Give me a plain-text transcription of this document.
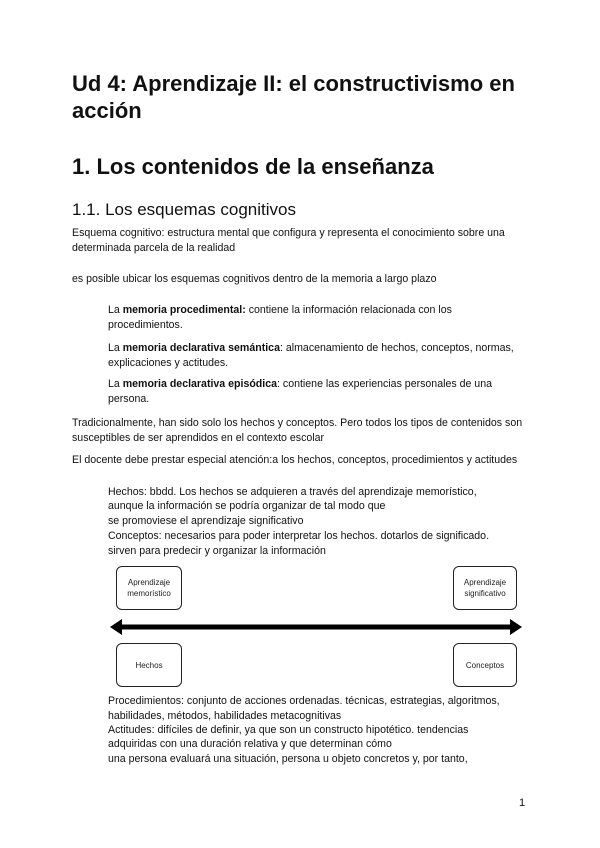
Ud 4: Aprendizaje II: el constructivismo en acción
1. Los contenidos de la enseñanza
1.1. Los esquemas cognitivos

Esquema cognitivo: estructura mental que configura y representa el conocimiento sobre una determinada parcela de la realidad

es posible ubicar los esquemas cognitivos dentro de la memoria a largo plazo

La memoria procedimental: contiene la información relacionada con los procedimientos.

La memoria declarativa semántica: almacenamiento de hechos, conceptos, normas, explicaciones y actitudes.

La memoria declarativa episódica: contiene las experiencias personales de una persona.

Tradicionalmente, han sido solo los hechos y conceptos. Pero todos los tipos de contenidos son susceptibles de ser aprendidos en el contexto escolar

El docente debe prestar especial atención:a los hechos, conceptos, procedimientos y actitudes

Hechos: bbdd. Los hechos se adquieren a través del aprendizaje memorístico,
aunque la información se podría organizar de tal modo que
se promoviese el aprendizaje significativo
Conceptos: necesarios para poder interpretar los hechos. dotarlos de significado.
sirven para predecir y organizar la información
Aprendizaje memorístico
Aprendizaje significativo
Hechos	Conceptos
Procedimientos: conjunto de acciones ordenadas. técnicas, estrategias, algoritmos,
habilidades, métodos, habilidades metacognitivas
Actitudes: difíciles de definir, ya que son un constructo hipotético. tendencias
adquiridas con una duración relativa y que determinan cómo
una persona evaluará una situación, persona u objeto concretos y, por tanto,
1
